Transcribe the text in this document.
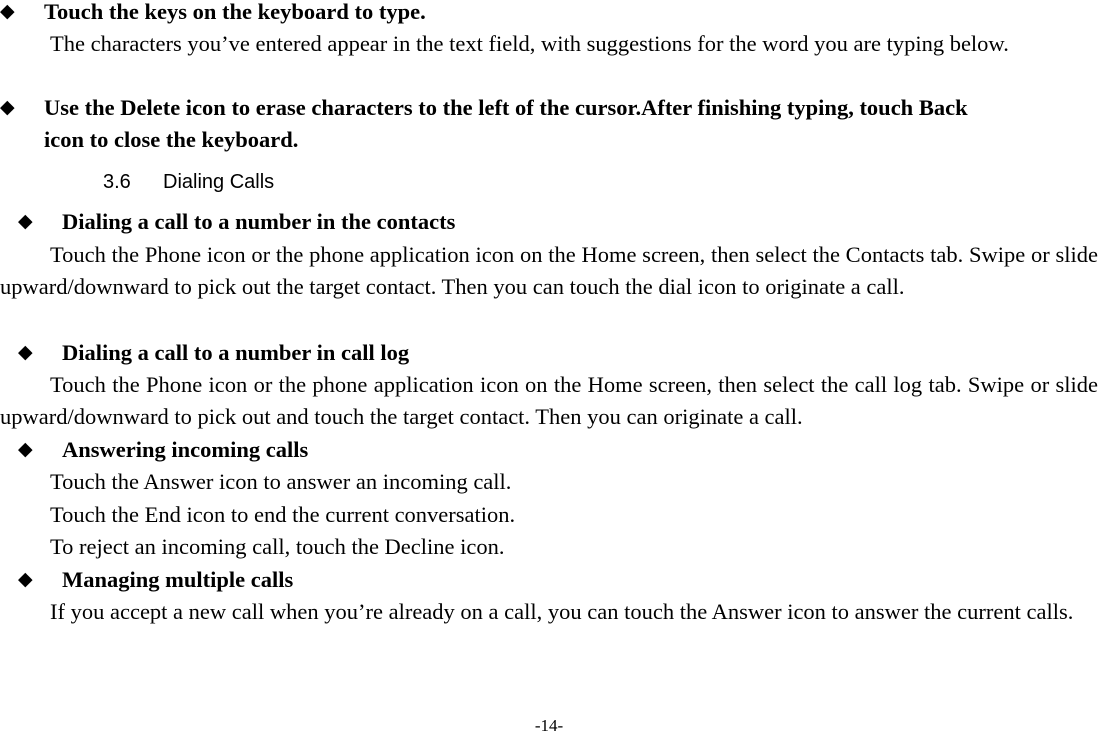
◆ Touch the keys on the keyboard to type.
The characters you’ve entered appear in the text field, with suggestions for the word you are typing below.
◆ Use the Delete icon to erase characters to the left of the cursor.After finishing typing, touch Back
icon to close the keyboard.
3.6 Dialing Calls
◆ Dialing a call to a number in the contacts
Touch the Phone icon or the phone application icon on the Home screen, then select the Contacts tab. Swipe or slide upward/downward to pick out the target contact. Then you can touch the dial icon to originate a call.
◆ Dialing a call to a number in call log
Touch the Phone icon or the phone application icon on the Home screen, then select the call log tab. Swipe or slide upward/downward to pick out and touch the target contact. Then you can originate a call.
◆ Answering incoming calls
Touch the Answer icon to answer an incoming call.
Touch the End icon to end the current conversation.
To reject an incoming call, touch the Decline icon.
◆ Managing multiple calls
If you accept a new call when you’re already on a call, you can touch the Answer icon to answer the current calls.
-14-
